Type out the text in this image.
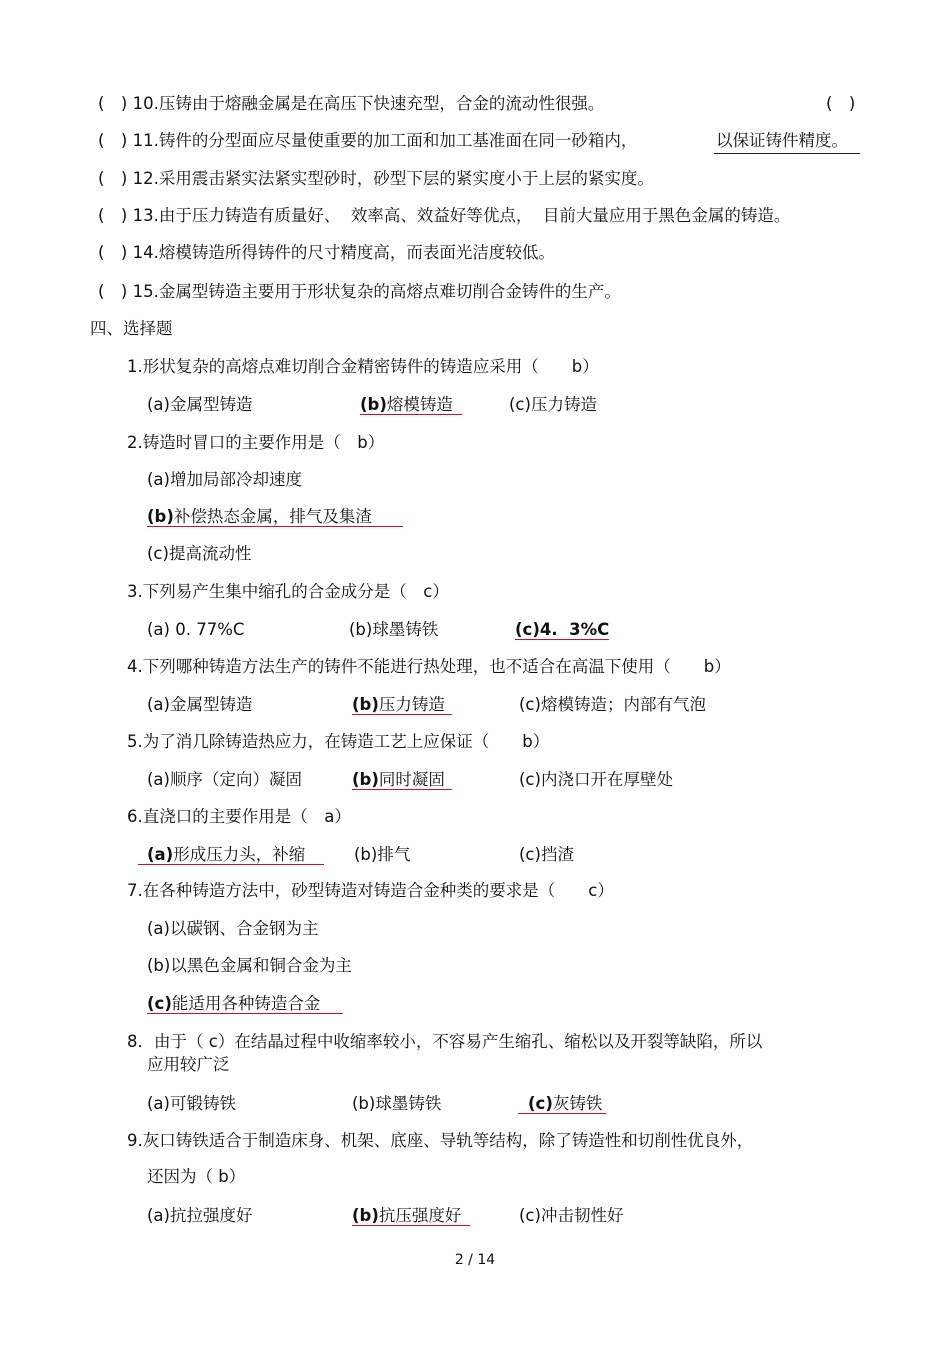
(　) 10.压铸由于熔融金属是在高压下快速充型，合金的流动性很强。	(　)
(　) 11.铸件的分型面应尽量使重要的加工面和加工基准面在同一砂箱内，	以保证铸件精度。
(　) 12.采用震击紧实法紧实型砂时，砂型下层的紧实度小于上层的紧实度。
(　) 13.由于压力铸造有质量好、  效率高、效益好等优点，  目前大量应用于黑色金属的铸造。
(　) 14.熔模铸造所得铸件的尺寸精度高，而表面光洁度较低。
(　) 15.金属型铸造主要用于形状复杂的高熔点难切削合金铸件的生产。
四、选择题
1.形状复杂的高熔点难切削合金精密铸件的铸造应采用（　　b）
(a)金属型铸造	(b)熔模铸造	(c)压力铸造
2.铸造时冒口的主要作用是（　b）
(a)增加局部冷却速度
(b)补偿热态金属，排气及集渣
(c)提高流动性
3.下列易产生集中缩孔的合金成分是（　c）
(a) 0. 77%C	(b)球墨铸铁	(c)4.  3%C
4.下列哪种铸造方法生产的铸件不能进行热处理，也不适合在高温下使用（　　b）
(a)金属型铸造	(b)压力铸造	(c)熔模铸造；内部有气泡
5.为了消几除铸造热应力，在铸造工艺上应保证（　　b）
(a)顺序（定向）凝固	(b)同时凝固	(c)内浇口开在厚壁处
6.直浇口的主要作用是（　a）
(a)形成压力头，补缩	(b)排气	(c)挡渣
7.在各种铸造方法中，砂型铸造对铸造合金种类的要求是（　　c）
(a)以碳钢、合金钢为主
(b)以黑色金属和铜合金为主
(c)能适用各种铸造合金
8．由于（ c）在结晶过程中收缩率较小，不容易产生缩孔、缩松以及开裂等缺陷，所以
应用较广泛
(a)可锻铸铁	(b)球墨铸铁	(c)灰铸铁
9.灰口铸铁适合于制造床身、机架、底座、导轨等结构，除了铸造性和切削性优良外，
还因为（ b）
(a)抗拉强度好	(b)抗压强度好	(c)冲击韧性好
2 / 14
